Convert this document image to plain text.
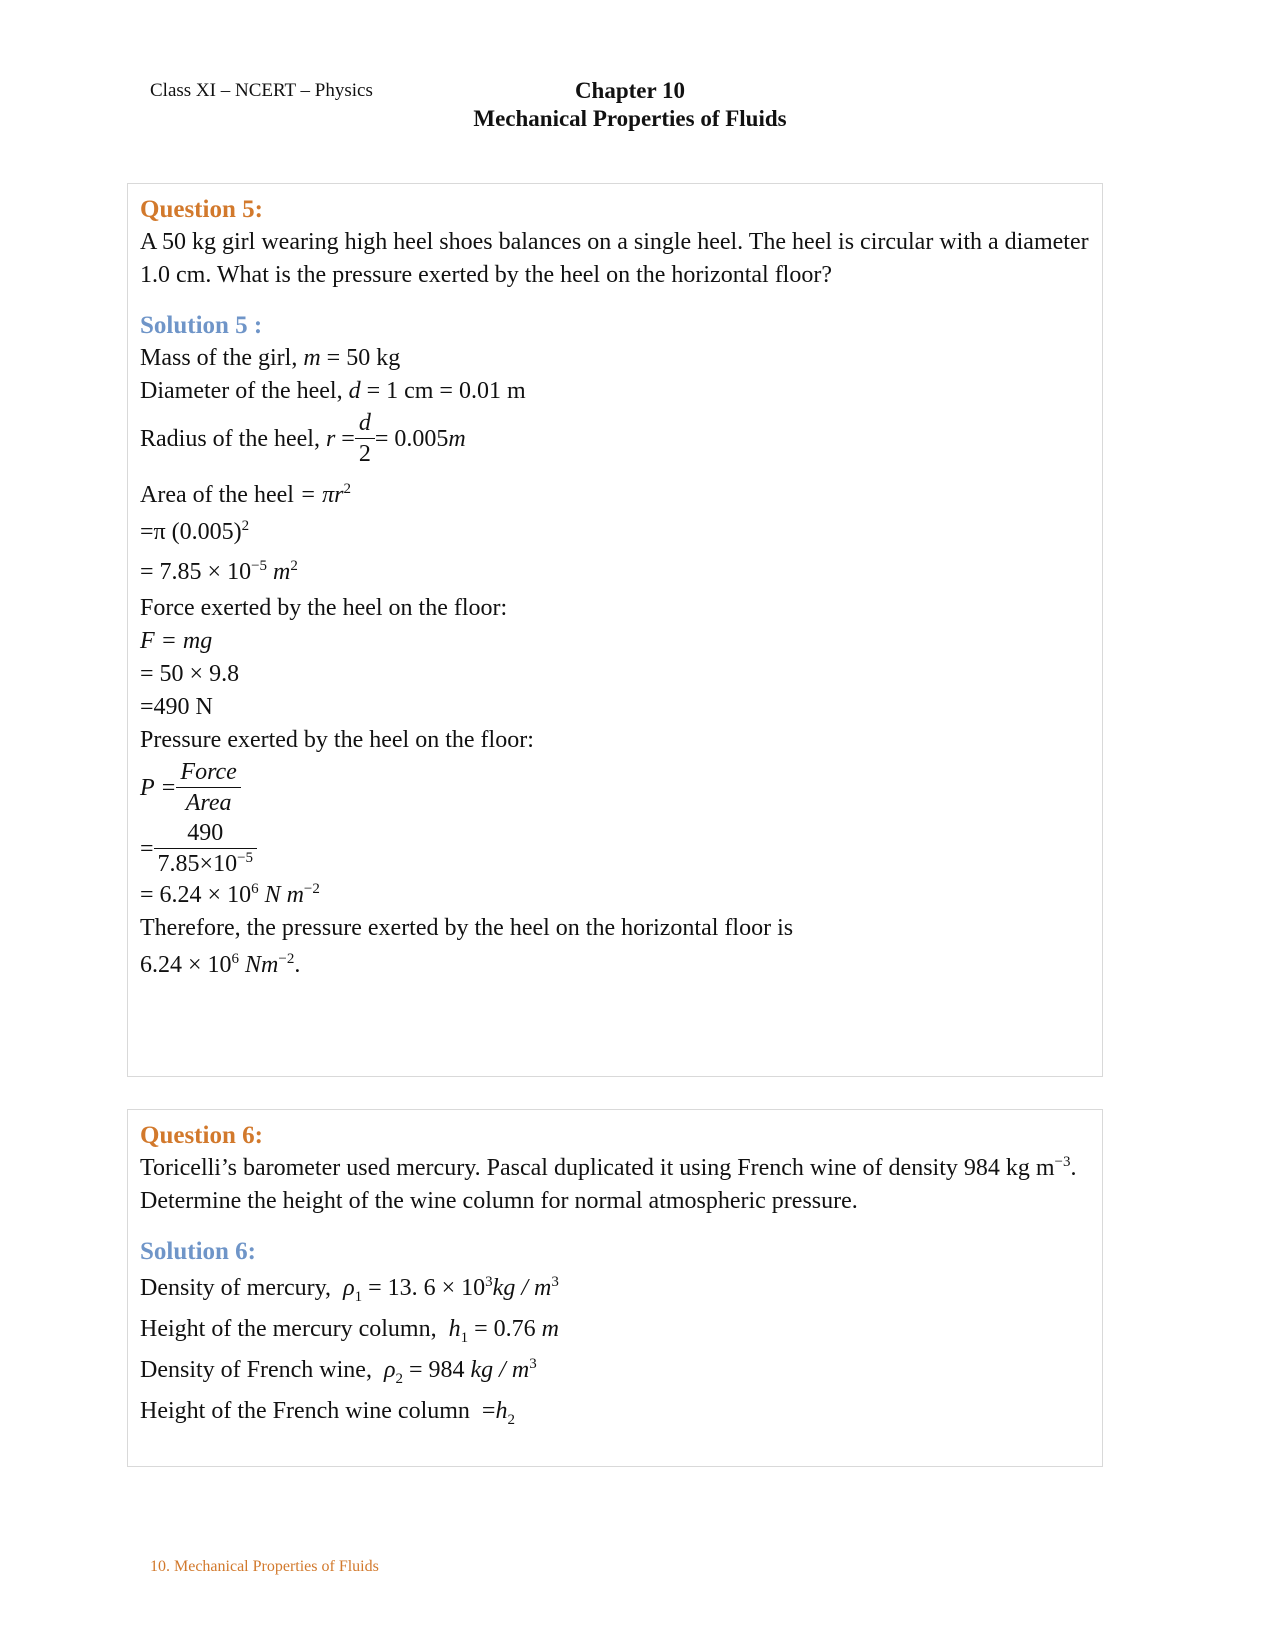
Class XI – NCERT – Physics	Chapter 10
Mechanical Properties of Fluids
Question 5:
A 50 kg girl wearing high heel shoes balances on a single heel. The heel is circular with a diameter 1.0 cm. What is the pressure exerted by the heel on the horizontal floor?
Solution 5 :
Mass of the girl, m = 50 kg
Diameter of the heel, d = 1 cm = 0.01 m
Radius of the heel,
$r = \frac{d}{2} = 0.005$ m
Area of the heel = $\pi r^2$
=π $(0.005)^2$
= $7.85 \times 10^{-5}$ $m^2$
Force exerted by the heel on the floor:
F = mg
= 50 × 9.8
=490 N
Pressure exerted by the heel on the floor:
$P = \frac{\text{Force}}{\text{Area}}$
= $\frac{490}{7.85\times 10^{-5}}$
= $6.24 \times 10^6$ N $m^{-2}$
Therefore, the pressure exerted by the heel on the horizontal floor is
$6.24 \times 10^6$ $Nm^{-2}$.
Question 6:
Toricelli’s barometer used mercury. Pascal duplicated it using French wine of density 984 kg $m^{-3}$. Determine the height of the wine column for normal atmospheric pressure.
Solution 6:
Density of mercury, $\rho_1 = 13$. $6 \times 10^3kg / m^3$
Height of the mercury column, $h_1 = 0.76$ m
Density of French wine, $\rho_2 = 984$ kg / $m^3$
Height of the French wine column $=h_2$
10. Mechanical Properties of Fluids
